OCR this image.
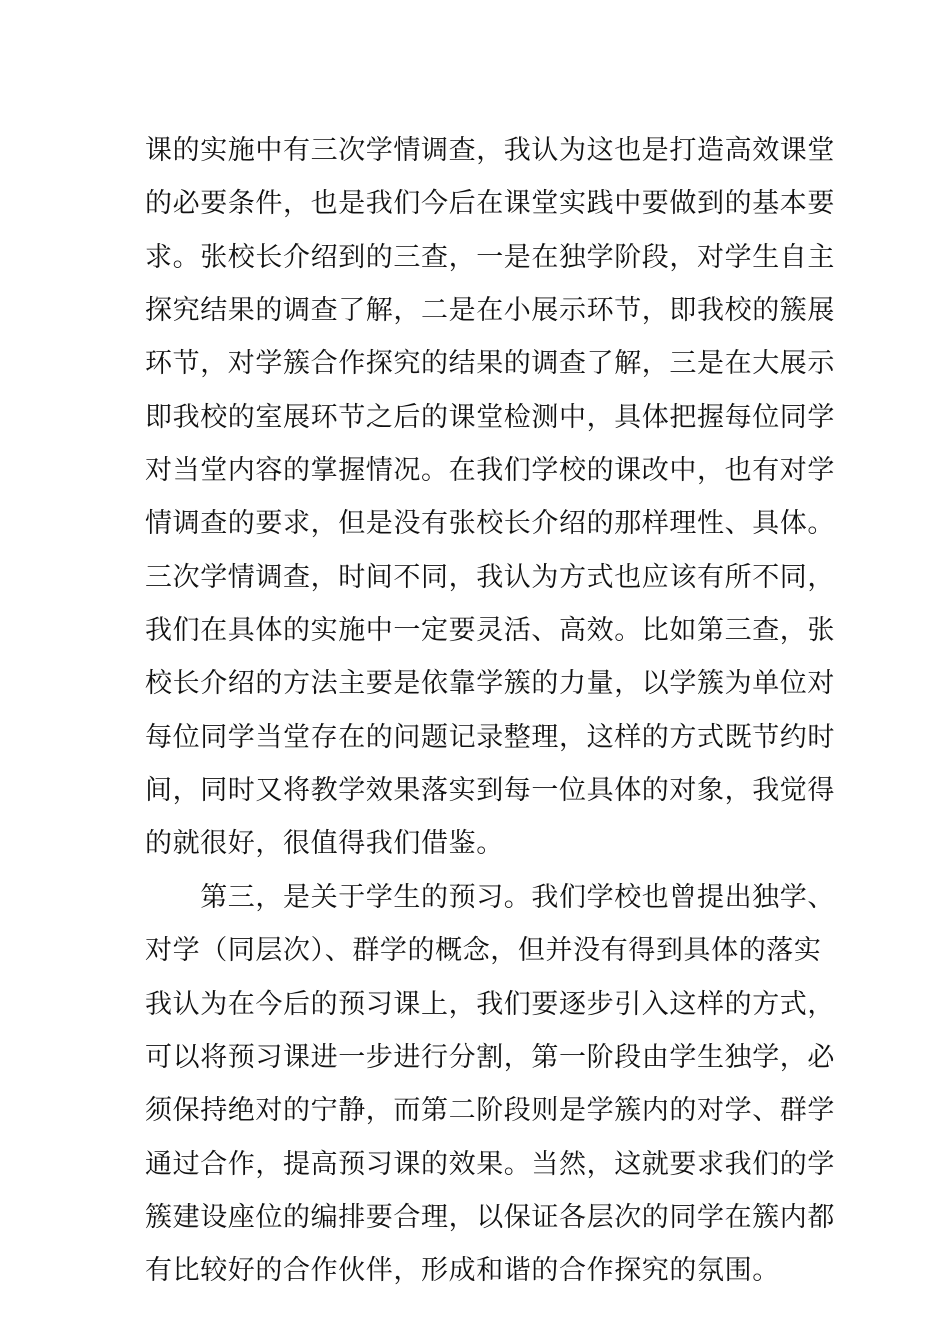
课的实施中有三次学情调查，我认为这也是打造高效课堂
的必要条件，也是我们今后在课堂实践中要做到的基本要
求。张校长介绍到的三查，一是在独学阶段，对学生自主
探究结果的调查了解，二是在小展示环节，即我校的簇展
环节，对学簇合作探究的结果的调查了解，三是在大展示
即我校的室展环节之后的课堂检测中，具体把握每位同学
对当堂内容的掌握情况。在我们学校的课改中，也有对学
情调查的要求，但是没有张校长介绍的那样理性、具体。
三次学情调查，时间不同，我认为方式也应该有所不同，
我们在具体的实施中一定要灵活、高效。比如第三查，张
校长介绍的方法主要是依靠学簇的力量，以学簇为单位对
每位同学当堂存在的问题记录整理，这样的方式既节约时
间，同时又将教学效果落实到每一位具体的对象，我觉得
的就很好，很值得我们借鉴。
　　第三，是关于学生的预习。我们学校也曾提出独学、
对学（同层次）、群学的概念，但并没有得到具体的落实
我认为在今后的预习课上，我们要逐步引入这样的方式，
可以将预习课进一步进行分割，第一阶段由学生独学，必
须保持绝对的宁静，而第二阶段则是学簇内的对学、群学
通过合作，提高预习课的效果。当然，这就要求我们的学
簇建设座位的编排要合理，以保证各层次的同学在簇内都
有比较好的合作伙伴，形成和谐的合作探究的氛围。
